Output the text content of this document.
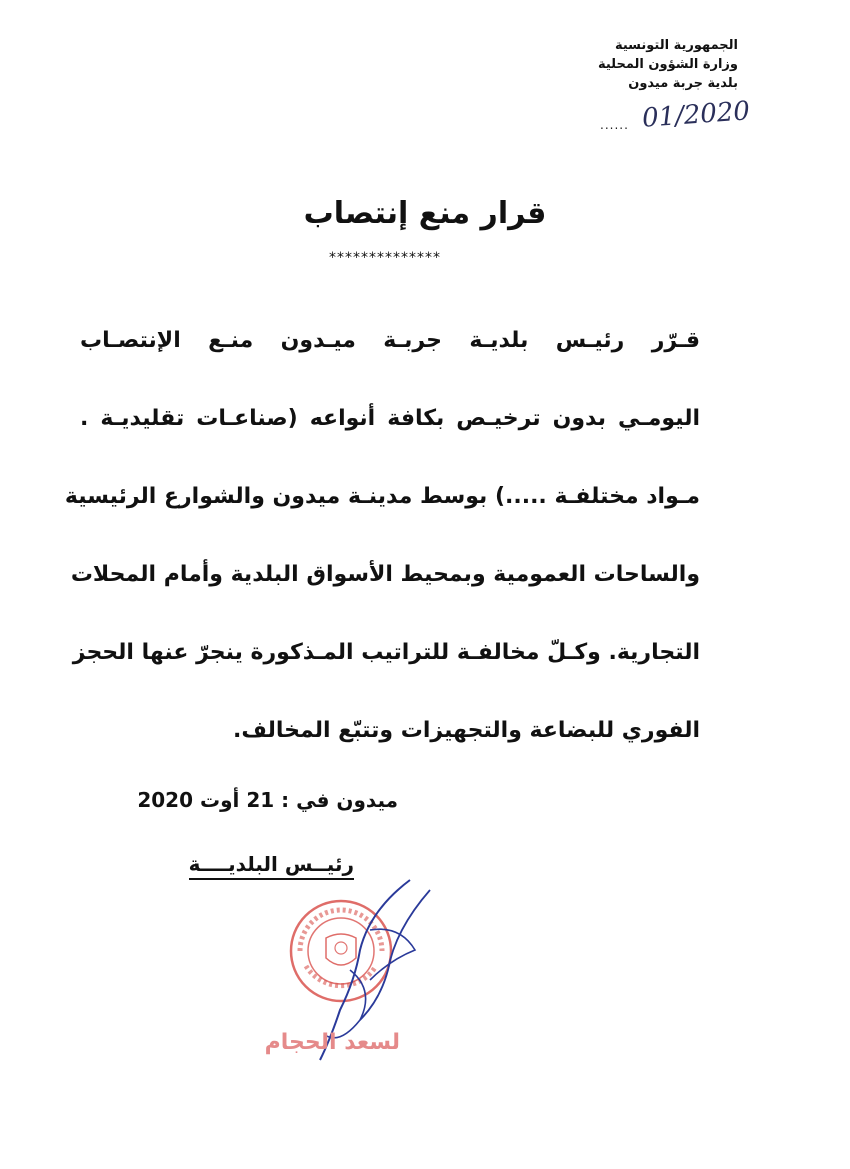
الجمهورية التونسية
وزارة الشؤون المحلية
بلدية جربة ميدون
...... 01/2020
قرار منع إنتصاب
**************
قـرّر رئيـس بلديـة جربـة ميـدون منـع الإنتصـاب
اليومـي بدون ترخيـص بكافة أنواعه (صناعـات تقليديـة .
مـواد مختلفـة .....) بوسط مدينـة ميدون والشوارع الرئيسية
والساحات العمومية وبمحيط الأسواق البلدية وأمام المحلات
التجارية. وكـلّ مخالفـة للتراتيب المـذكورة ينجرّ عنها الحجز
الفوري للبضاعة والتجهيزات وتتبّع المخالف.
ميدون في : 21 أوت 2020
رئيــس البلديــــة
لسعد الحجام
